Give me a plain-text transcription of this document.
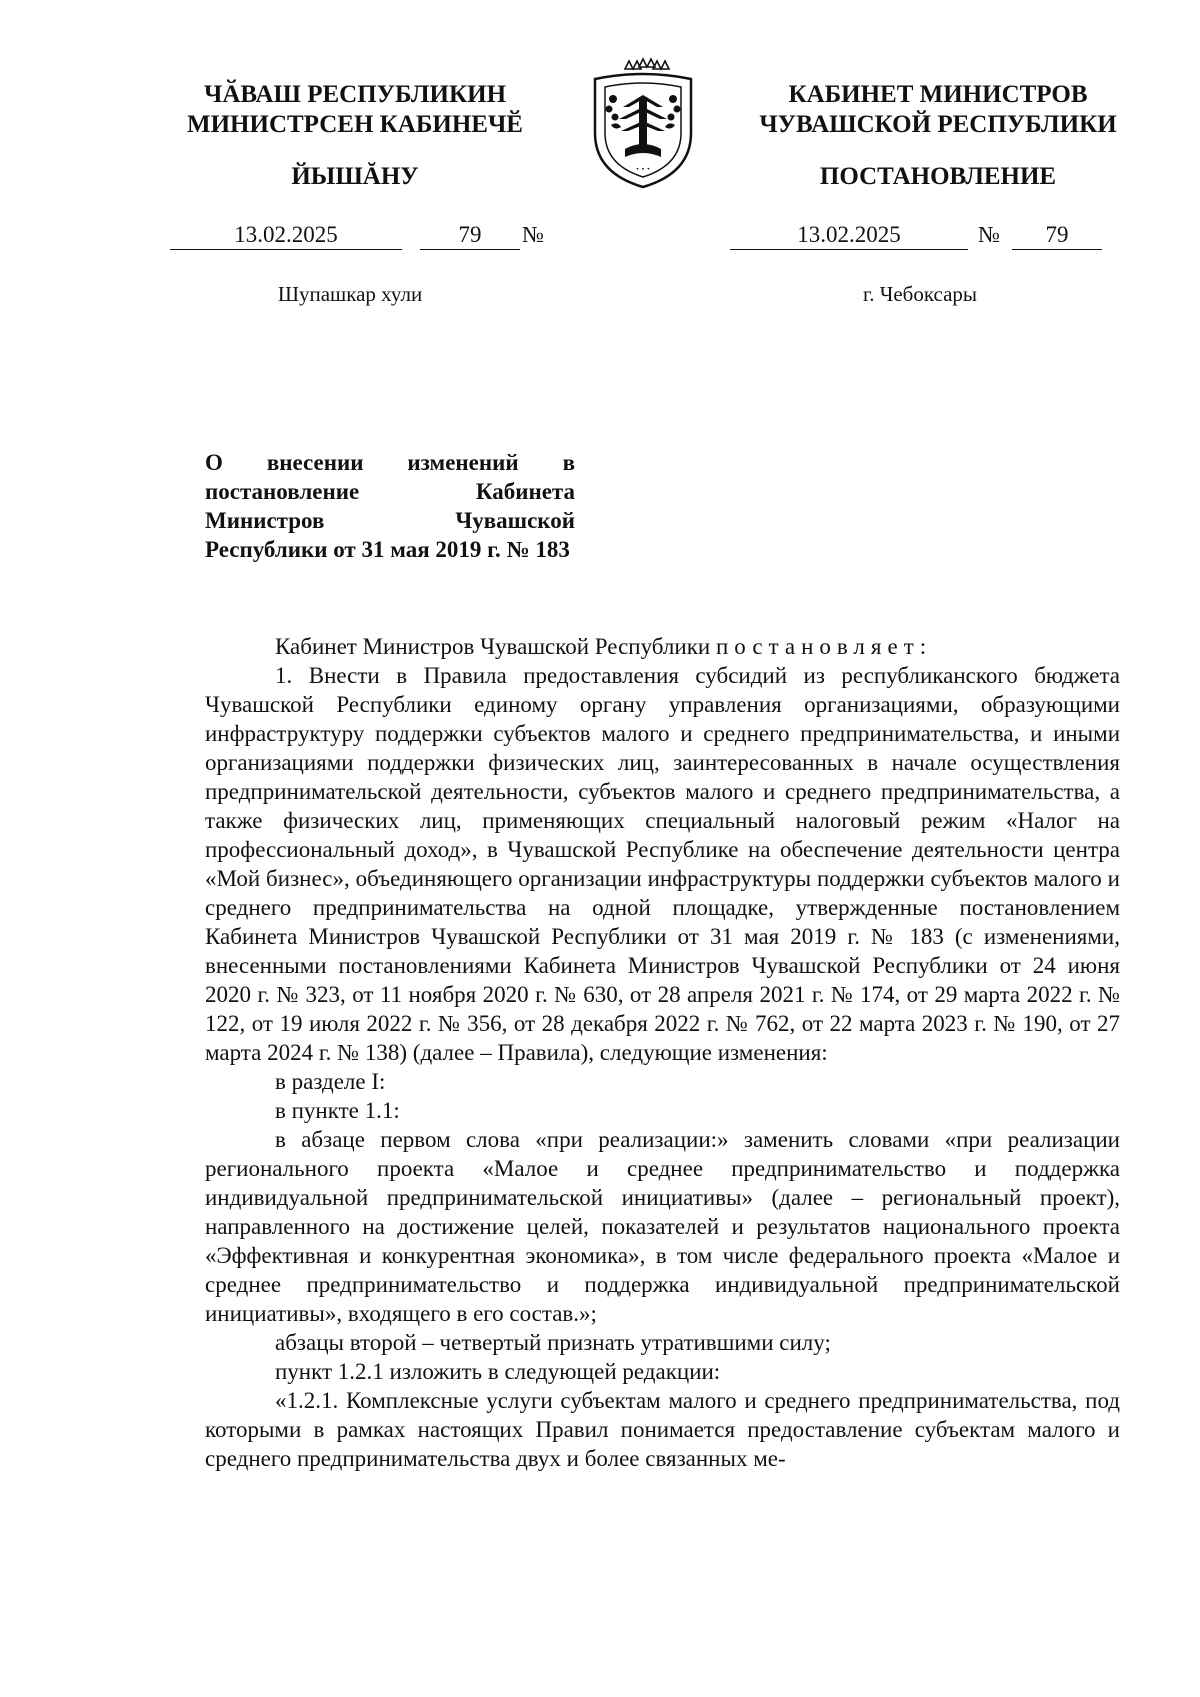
ЧӐВАШ РЕСПУБЛИКИН
МИНИСТРСЕН КАБИНЕЧӖ
ЙЫШĂНУ	• • •
КАБИНЕТ МИНИСТРОВ
ЧУВАШСКОЙ РЕСПУБЛИКИ
ПОСТАНОВЛЕНИЕ
13.02.2025	79	№	13.02.2025	№	79
Шупашкар хули	г. Чебоксары
О внесении изменений в постановление Кабинета Министров Чувашской Республики от 31 мая 2019 г. № 183

Кабинет Министров Чувашской Республики постановляет:

1. Внести в Правила предоставления субсидий из республиканского бюджета Чувашской Республики единому органу управления организациями, образующими инфраструктуру поддержки субъектов малого и среднего предпринимательства, и иными организациями поддержки физических лиц, заинтересованных в начале осуществления предпринимательской деятельности, субъектов малого и среднего предпринимательства, а также физических лиц, применяющих специальный налоговый режим «Налог на профессиональный доход», в Чувашской Республике на обеспечение деятельности центра «Мой бизнес», объединяющего организации инфраструктуры поддержки субъектов малого и среднего предпринимательства на одной площадке, утвержденные постановлением Кабинета Министров Чувашской Республики от 31 мая 2019 г. № 183 (с изменениями, внесенными постановлениями Кабинета Министров Чувашской Республики от 24 июня 2020 г. № 323, от 11 ноября 2020 г. № 630, от 28 апреля 2021 г. № 174, от 29 марта 2022 г. № 122, от 19 июля 2022 г. № 356, от 28 декабря 2022 г. № 762, от 22 марта 2023 г. № 190, от 27 марта 2024 г. № 138) (далее – Правила), следующие изменения:

в разделе I:

в пункте 1.1:

в абзаце первом слова «при реализации:» заменить словами «при реализации регионального проекта «Малое и среднее предпринимательство и поддержка индивидуальной предпринимательской инициативы» (далее – региональный проект), направленного на достижение целей, показателей и результатов национального проекта «Эффективная и конкурентная экономика», в том числе федерального проекта «Малое и среднее предпринимательство и поддержка индивидуальной предпринимательской инициативы», входящего в его состав.»;

абзацы второй – четвертый признать утратившими силу;

пункт 1.2.1 изложить в следующей редакции:

«1.2.1. Комплексные услуги субъектам малого и среднего предпринимательства, под которыми в рамках настоящих Правил понимается предоставление субъектам малого и среднего предпринимательства двух и более связанных ме-
